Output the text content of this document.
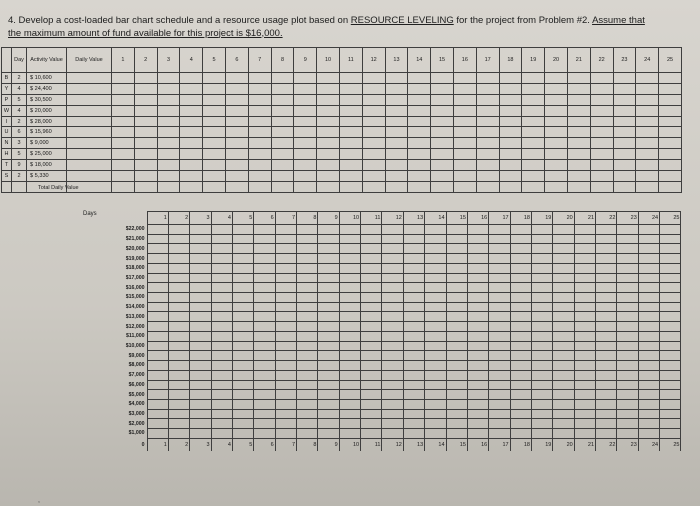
4. Develop a cost-loaded bar chart schedule and a resource usage plot based on RESOURCE LEVELING for the project from Problem #2. Assume that
the maximum amount of fund available for this project is $16,000.
	Day	Activity Value	Daily Value	1	2	3	4	5	6	7	8	9	10	11	12	13	14	15	16	17	18	19	20	21	22	23	24	25
B	2	$ 10,600																										
Y	4	$ 24,400																										
P	5	$ 30,500																										
W	4	$ 20,000																										
I	2	$ 28,000																										
U	6	$ 15,960																										
N	3	$ 9,000																										
H	5	$ 25,000																										
T	9	$ 18,000																										
S	2	$ 5,330																										

Total Daily Value
Days
	1	2	3	4	5	6	7	8	9	10	11	12	13	14	15	16	17	18	19	20	21	22	23	24	25
$22,000																									
$21,000																									
$20,000																									
$19,000																									
$18,000																									
$17,000																									
$16,000																									
$15,000																									
$14,000																									
$13,000																									
$12,000																									
$11,000																									
$10,000																									
$9,000																									
$8,000																									
$7,000																									
$6,000																									
$5,000																									
$4,000																									
$3,000																									
$2,000																									
$1,000																									
0	1	2	3	4	5	6	7	8	9	10	11	12	13	14	15	16	17	18	19	20	21	22	23	24	25
,
